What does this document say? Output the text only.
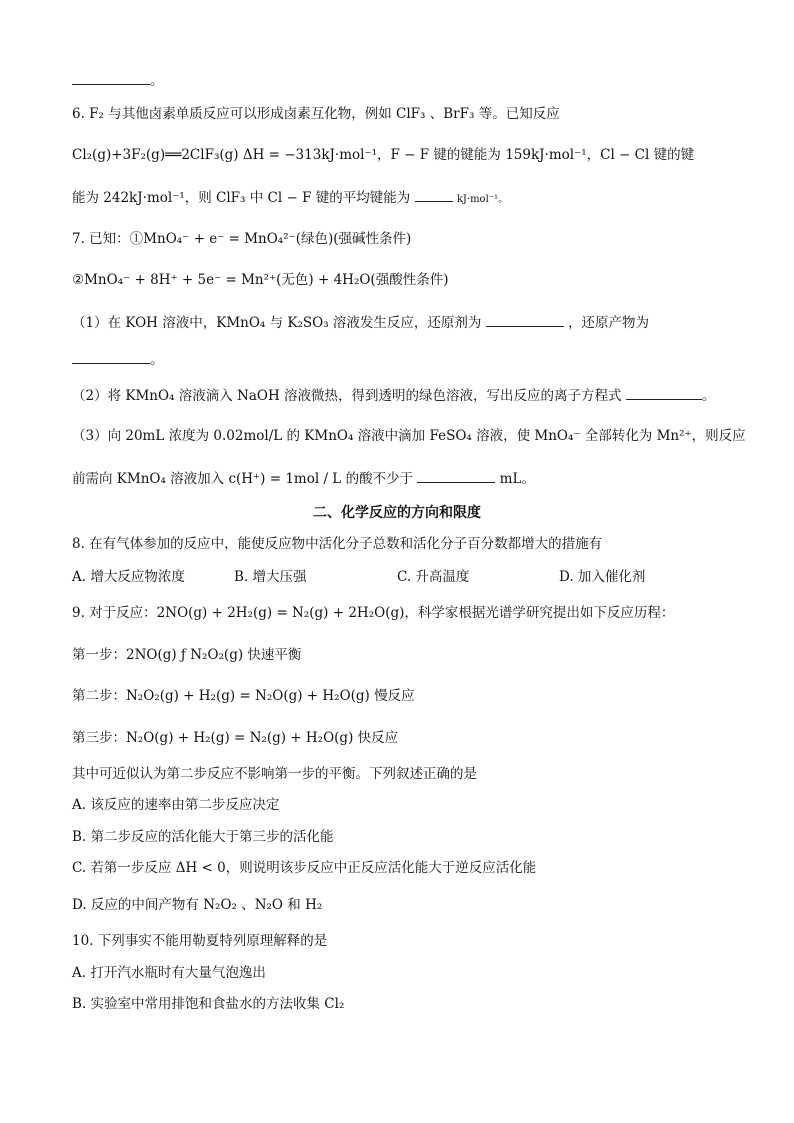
。
6. F₂ 与其他卤素单质反应可以形成卤素互化物，例如 ClF₃ 、BrF₃ 等。已知反应
Cl₂(g)+3F₂(g)══2ClF₃(g) ΔH = −313kJ·mol⁻¹，F − F 键的键能为 159kJ·mol⁻¹，Cl − Cl 键的键
能为 242kJ·mol⁻¹，则 ClF₃ 中 Cl − F 键的平均键能为	kJ·mol⁻¹。
7. 已知：①MnO₄⁻ + e⁻ = MnO₄²⁻(绿色)(强碱性条件)
②MnO₄⁻ + 8H⁺ + 5e⁻ = Mn²⁺(无色) + 4H₂O(强酸性条件)
（1）在 KOH 溶液中，KMnO₄ 与 K₂SO₃ 溶液发生反应，还原剂为	，还原产物为
。
（2）将 KMnO₄ 溶液滴入 NaOH 溶液微热，得到透明的绿色溶液，写出反应的离子方程式	。
（3）向 20mL 浓度为 0.02mol/L 的 KMnO₄ 溶液中滴加 FeSO₄ 溶液，使 MnO₄⁻ 全部转化为 Mn²⁺，则反应
前需向 KMnO₄ 溶液加入 c(H⁺) = 1mol / L 的酸不少于	mL。
二、化学反应的方向和限度
8. 在有气体参加的反应中，能使反应物中活化分子总数和活化分子百分数都增大的措施有
A. 增大反应物浓度	B. 增大压强	C. 升高温度	D. 加入催化剂
9. 对于反应：2NO(g) + 2H₂(g) = N₂(g) + 2H₂O(g)，科学家根据光谱学研究提出如下反应历程：
第一步：2NO(g) ƒ N₂O₂(g) 快速平衡
第二步：N₂O₂(g) + H₂(g) = N₂O(g) + H₂O(g) 慢反应
第三步：N₂O(g) + H₂(g) = N₂(g) + H₂O(g) 快反应
其中可近似认为第二步反应不影响第一步的平衡。下列叙述正确的是
A. 该反应的速率由第二步反应决定
B. 第二步反应的活化能大于第三步的活化能
C. 若第一步反应 ΔH < 0，则说明该步反应中正反应活化能大于逆反应活化能
D. 反应的中间产物有 N₂O₂ 、N₂O 和 H₂
10. 下列事实不能用勒夏特列原理解释的是
A. 打开汽水瓶时有大量气泡逸出
B. 实验室中常用排饱和食盐水的方法收集 Cl₂
